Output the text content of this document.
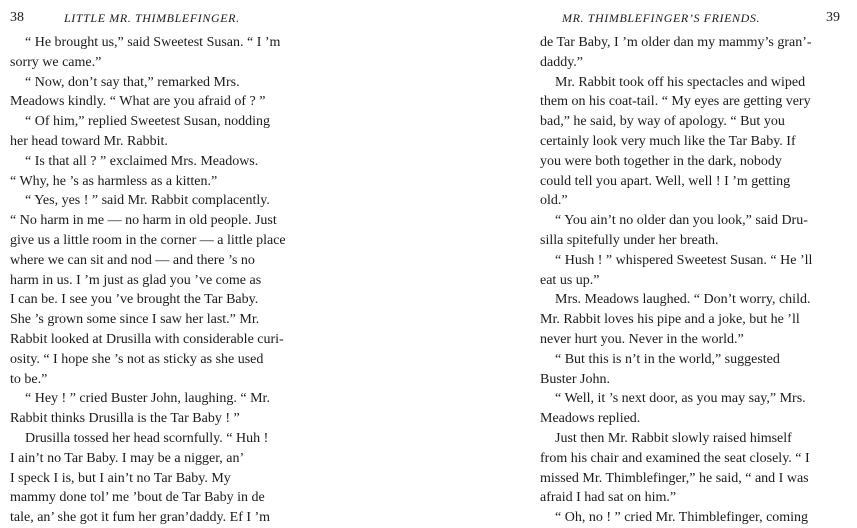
38	LITTLE MR. THIMBLEFINGER.
“ He brought us,” said Sweetest Susan. “ I ’m
sorry we came.”
“ Now, don’t say that,” remarked Mrs.
Meadows kindly. “ What are you afraid of ? ”
“ Of him,” replied Sweetest Susan, nodding
her head toward Mr. Rabbit.
“ Is that all ? ” exclaimed Mrs. Meadows.
“ Why, he ’s as harmless as a kitten.”
“ Yes, yes ! ” said Mr. Rabbit complacently.
“ No harm in me — no harm in old people. Just
give us a little room in the corner — a little place
where we can sit and nod — and there ’s no
harm in us. I ’m just as glad you ’ve come as
I can be. I see you ’ve brought the Tar Baby.
She ’s grown some since I saw her last.” Mr.
Rabbit looked at Drusilla with considerable curi-
osity. “ I hope she ’s not as sticky as she used
to be.”
“ Hey ! ” cried Buster John, laughing. “ Mr.
Rabbit thinks Drusilla is the Tar Baby ! ”
Drusilla tossed her head scornfully. “ Huh !
I ain’t no Tar Baby. I may be a nigger, an’
I speck I is, but I ain’t no Tar Baby. My
mammy done tol’ me ’bout de Tar Baby in de
tale, an’ she got it fum her gran’daddy. Ef I ’m
MR. THIMBLEFINGER’S FRIENDS.	39
de Tar Baby, I ’m older dan my mammy’s gran’-
daddy.”
Mr. Rabbit took off his spectacles and wiped
them on his coat-tail. “ My eyes are getting very
bad,” he said, by way of apology. “ But you
certainly look very much like the Tar Baby. If
you were both together in the dark, nobody
could tell you apart. Well, well ! I ’m getting
old.”
“ You ain’t no older dan you look,” said Dru-
silla spitefully under her breath.
“ Hush ! ” whispered Sweetest Susan. “ He ’ll
eat us up.”
Mrs. Meadows laughed. “ Don’t worry, child.
Mr. Rabbit loves his pipe and a joke, but he ’ll
never hurt you. Never in the world.”
“ But this is n’t in the world,” suggested
Buster John.
“ Well, it ’s next door, as you may say,” Mrs.
Meadows replied.
Just then Mr. Rabbit slowly raised himself
from his chair and examined the seat closely. “ I
missed Mr. Thimblefinger,” he said, “ and I was
afraid I had sat on him.”
“ Oh, no ! ” cried Mr. Thimblefinger, coming
